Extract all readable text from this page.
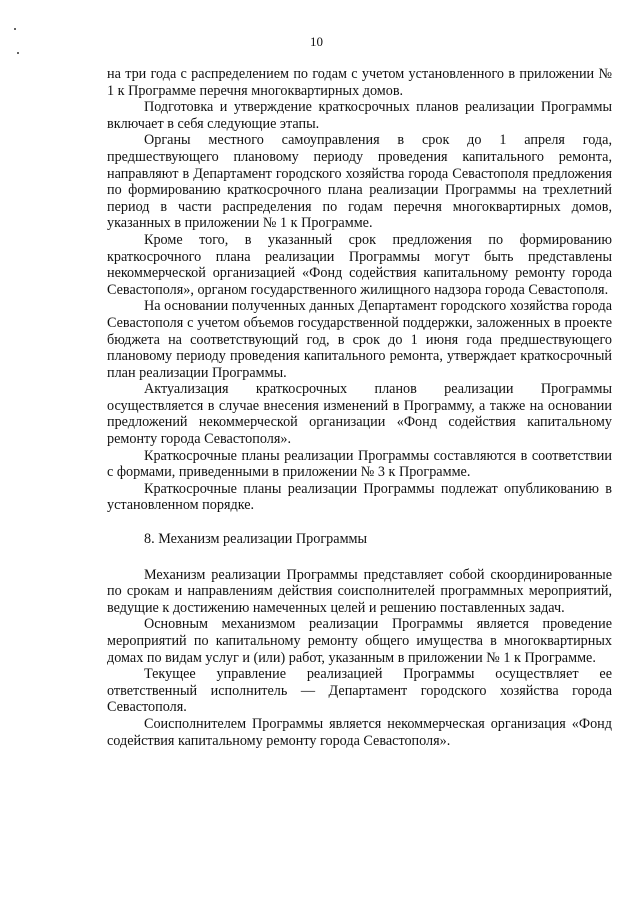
10

на три года с распределением по годам с учетом установленного в приложении № 1 к Программе перечня многоквартирных домов.

Подготовка и утверждение краткосрочных планов реализации Программы включает в себя следующие этапы.

Органы местного самоуправления в срок до 1 апреля года, предшествующего плановому периоду проведения капитального ремонта, направляют в Департамент городского хозяйства города Севастополя предложения по формированию краткосрочного плана реализации Программы на трехлетний период в части распределения по годам перечня многоквартирных домов, указанных в приложении № 1 к Программе.

Кроме того, в указанный срок предложения по формированию краткосрочного плана реализации Программы могут быть представлены некоммерческой организацией «Фонд содействия капитальному ремонту города Севастополя», органом государственного жилищного надзора города Севастополя.

На основании полученных данных Департамент городского хозяйства города Севастополя с учетом объемов государственной поддержки, заложенных в проекте бюджета на соответствующий год, в срок до 1 июня года предшествующего плановому периоду проведения капитального ремонта, утверждает краткосрочный план реализации Программы.

Актуализация краткосрочных планов реализации Программы осуществляется в случае внесения изменений в Программу, а также на основании предложений некоммерческой организации «Фонд содействия капитальному ремонту города Севастополя».

Краткосрочные планы реализации Программы составляются в соответствии с формами, приведенными в приложении № 3 к Программе.

Краткосрочные планы реализации Программы подлежат опубликованию в установленном порядке.

8. Механизм реализации Программы

Механизм реализации Программы представляет собой скоординированные по срокам и направлениям действия соисполнителей программных мероприятий, ведущие к достижению намеченных целей и решению поставленных задач.

Основным механизмом реализации Программы является проведение мероприятий по капитальному ремонту общего имущества в многоквартирных домах по видам услуг и (или) работ, указанным в приложении № 1 к Программе.

Текущее управление реализацией Программы осуществляет ее ответственный исполнитель — Департамент городского хозяйства города Севастополя.

Соисполнителем Программы является некоммерческая организация «Фонд содействия капитальному ремонту города Севастополя».
